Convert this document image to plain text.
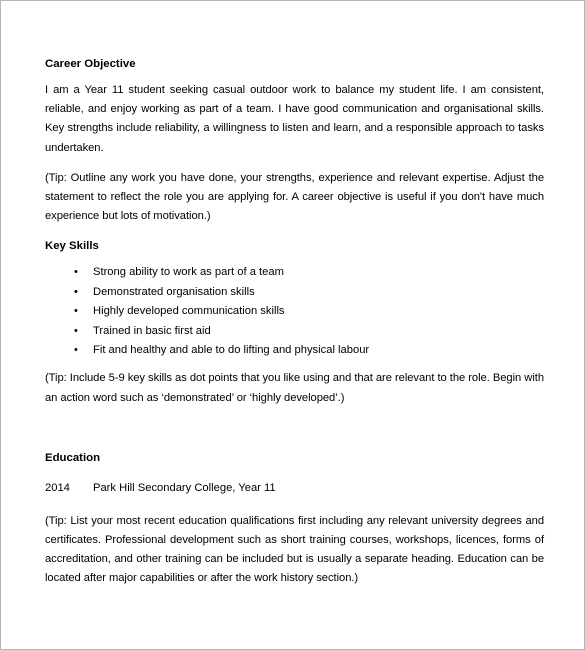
Career Objective

I am a Year 11 student seeking casual outdoor work to balance my student life. I am consistent, reliable, and enjoy working as part of a team. I have good communication and organisational skills. Key strengths include reliability, a willingness to listen and learn, and a responsible approach to tasks undertaken.

(Tip: Outline any work you have done, your strengths, experience and relevant expertise. Adjust the statement to reflect the role you are applying for. A career objective is useful if you don't have much experience but lots of motivation.)

Key Skills

• Strong ability to work as part of a team
• Demonstrated organisation skills
• Highly developed communication skills
• Trained in basic first aid
• Fit and healthy and able to do lifting and physical labour

(Tip: Include 5-9 key skills as dot points that you like using and that are relevant to the role. Begin with an action word such as ‘demonstrated’ or ‘highly developed’.)

Education

2014 Park Hill Secondary College, Year 11

(Tip: List your most recent education qualifications first including any relevant university degrees and certificates. Professional development such as short training courses, workshops, licences, forms of accreditation, and other training can be included but is usually a separate heading. Education can be located after major capabilities or after the work history section.)
